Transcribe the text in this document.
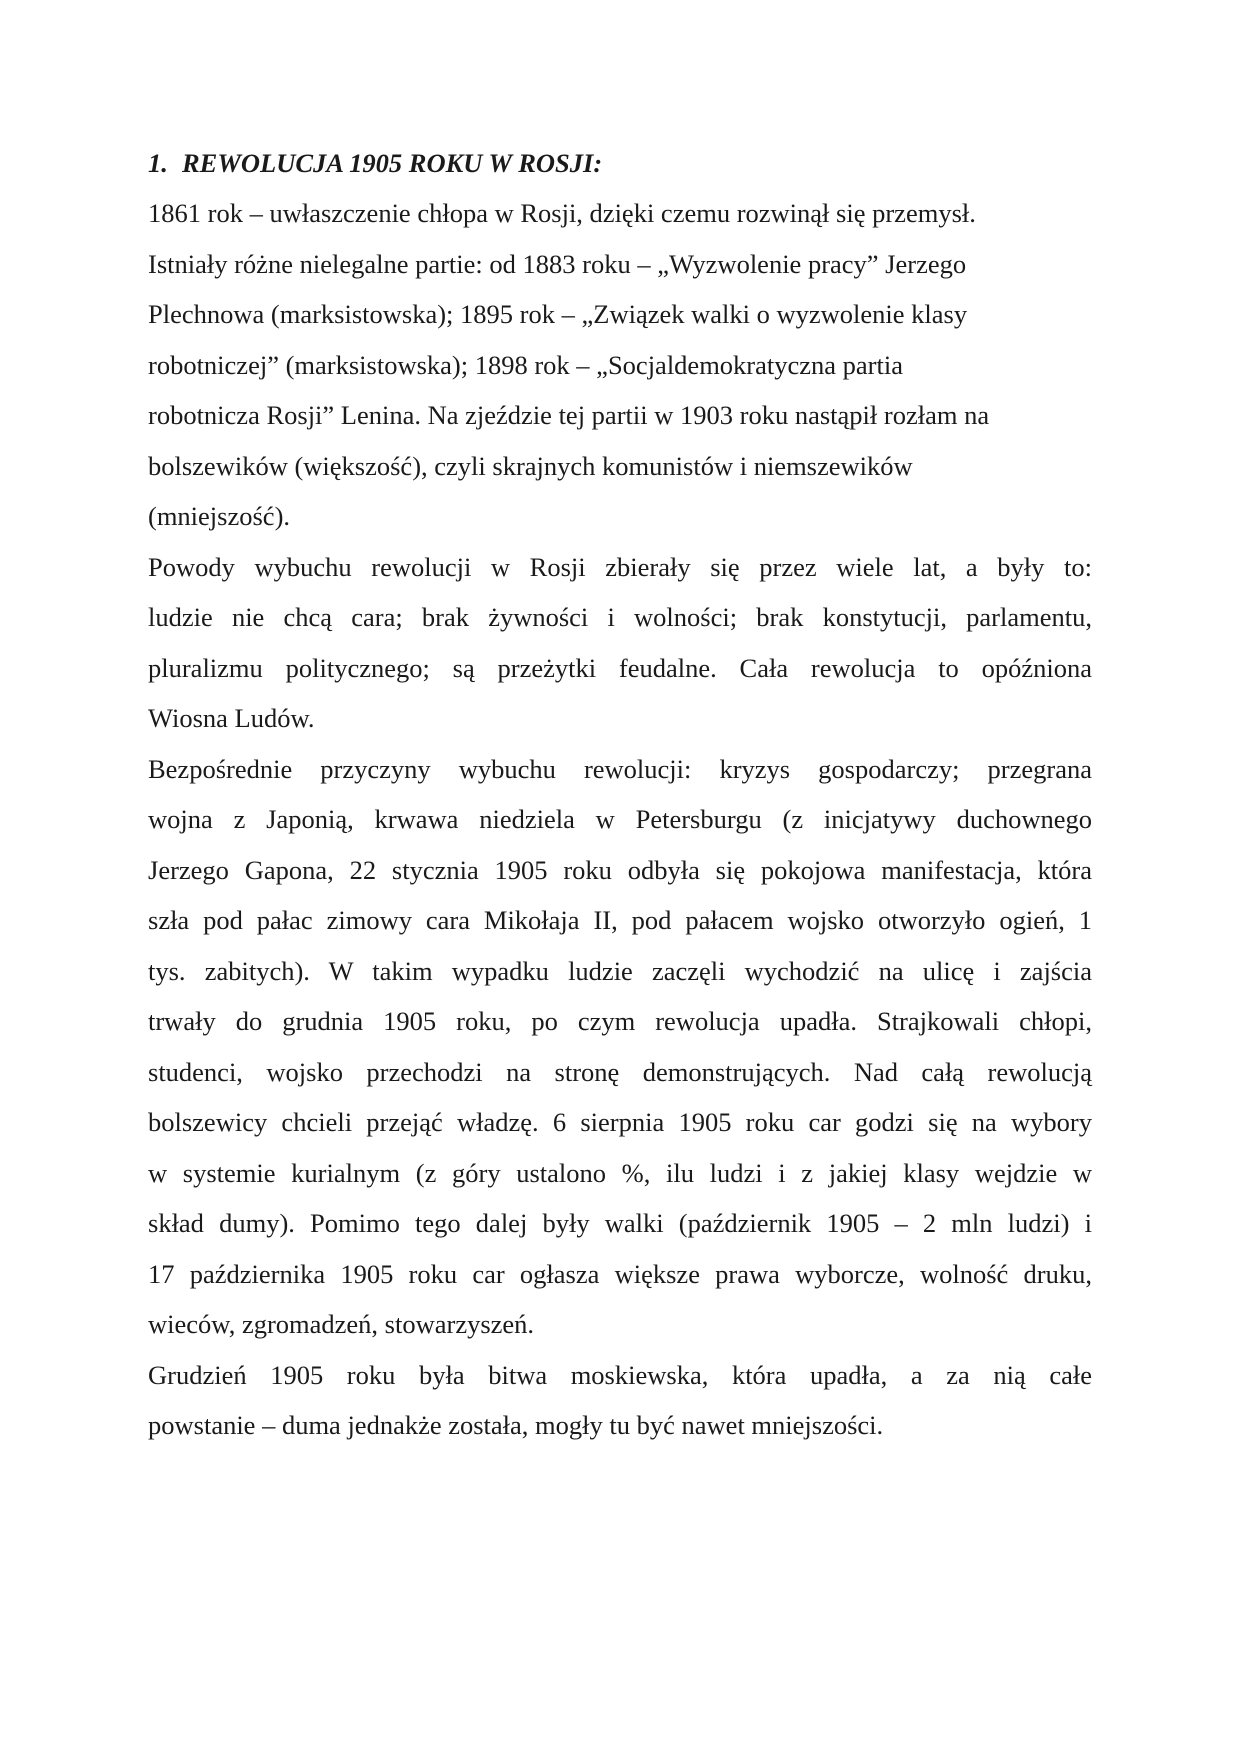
1. REWOLUCJA 1905 ROKU W ROSJI:
1861 rok – uwłaszczenie chłopa w Rosji, dzięki czemu rozwinął się przemysł.
Istniały różne nielegalne partie: od 1883 roku – „Wyzwolenie pracy” Jerzego
Plechnowa (marksistowska); 1895 rok – „Związek walki o wyzwolenie klasy
robotniczej” (marksistowska); 1898 rok – „Socjaldemokratyczna partia
robotnicza Rosji” Lenina. Na zjeździe tej partii w 1903 roku nastąpił rozłam na
bolszewików (większość), czyli skrajnych komunistów i niemszewików
(mniejszość).
Powody wybuchu rewolucji w Rosji zbierały się przez wiele lat, a były to:
ludzie nie chcą cara; brak żywności i wolności; brak konstytucji, parlamentu,
pluralizmu politycznego; są przeżytki feudalne. Cała rewolucja to opóźniona
Wiosna Ludów.
Bezpośrednie przyczyny wybuchu rewolucji: kryzys gospodarczy; przegrana
wojna z Japonią, krwawa niedziela w Petersburgu (z inicjatywy duchownego
Jerzego Gapona, 22 stycznia 1905 roku odbyła się pokojowa manifestacja, która
szła pod pałac zimowy cara Mikołaja II, pod pałacem wojsko otworzyło ogień, 1
tys. zabitych). W takim wypadku ludzie zaczęli wychodzić na ulicę i zajścia
trwały do grudnia 1905 roku, po czym rewolucja upadła. Strajkowali chłopi,
studenci, wojsko przechodzi na stronę demonstrujących. Nad całą rewolucją
bolszewicy chcieli przejąć władzę. 6 sierpnia 1905 roku car godzi się na wybory
w systemie kurialnym (z góry ustalono %, ilu ludzi i z jakiej klasy wejdzie w
skład dumy). Pomimo tego dalej były walki (październik 1905 – 2 mln ludzi) i
17 października 1905 roku car ogłasza większe prawa wyborcze, wolność druku,
wieców, zgromadzeń, stowarzyszeń.
Grudzień 1905 roku była bitwa moskiewska, która upadła, a za nią całe
powstanie – duma jednakże została, mogły tu być nawet mniejszości.
